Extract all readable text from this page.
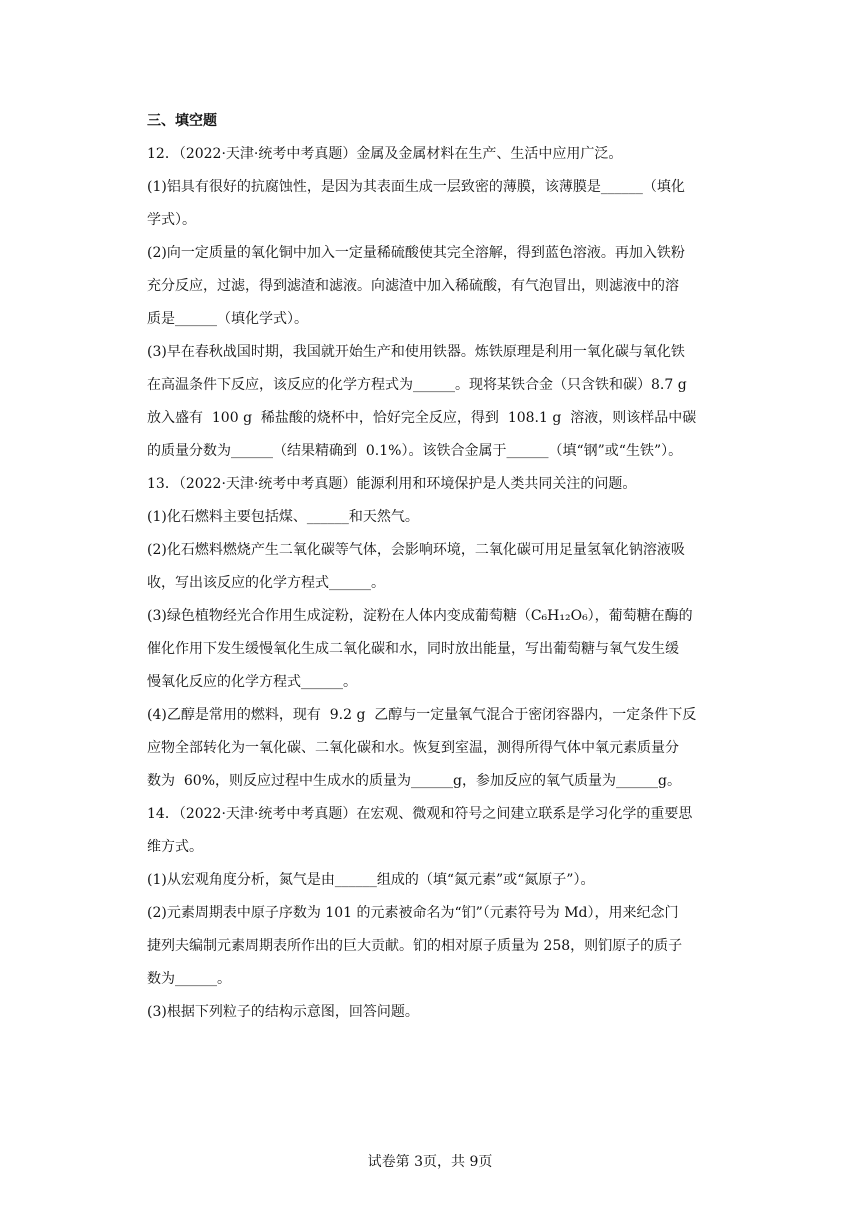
三、填空题
12．（2022·天津·统考中考真题）金属及金属材料在生产、生活中应用广泛。
(1)铝具有很好的抗腐蚀性，是因为其表面生成一层致密的薄膜，该薄膜是______（填化
学式）。
(2)向一定质量的氧化铜中加入一定量稀硫酸使其完全溶解，得到蓝色溶液。再加入铁粉
充分反应，过滤，得到滤渣和滤液。向滤渣中加入稀硫酸，有气泡冒出，则滤液中的溶
质是______（填化学式）。
(3)早在春秋战国时期，我国就开始生产和使用铁器。炼铁原理是利用一氧化碳与氧化铁
在高温条件下反应，该反应的化学方程式为______。现将某铁合金（只含铁和碳）8.7 g
放入盛有  100 g  稀盐酸的烧杯中，恰好完全反应，得到  108.1 g  溶液，则该样品中碳
的质量分数为______（结果精确到  0.1%）。该铁合金属于______（填“钢”或“生铁”）。
13．（2022·天津·统考中考真题）能源利用和环境保护是人类共同关注的问题。
(1)化石燃料主要包括煤、______和天然气。
(2)化石燃料燃烧产生二氧化碳等气体，会影响环境，二氧化碳可用足量氢氧化钠溶液吸
收，写出该反应的化学方程式______。
(3)绿色植物经光合作用生成淀粉，淀粉在人体内变成葡萄糖（C₆H₁₂O₆），葡萄糖在酶的
催化作用下发生缓慢氧化生成二氧化碳和水，同时放出能量，写出葡萄糖与氧气发生缓
慢氧化反应的化学方程式______。
(4)乙醇是常用的燃料，现有  9.2 g  乙醇与一定量氧气混合于密闭容器内，一定条件下反
应物全部转化为一氧化碳、二氧化碳和水。恢复到室温，测得所得气体中氧元素质量分
数为  60%，则反应过程中生成水的质量为______g，参加反应的氧气质量为______g。
14．（2022·天津·统考中考真题）在宏观、微观和符号之间建立联系是学习化学的重要思
维方式。
(1)从宏观角度分析，氮气是由______组成的（填“氮元素”或“氮原子”）。
(2)元素周期表中原子序数为 101 的元素被命名为“钔”（元素符号为 Md），用来纪念门
捷列夫编制元素周期表所作出的巨大贡献。钔的相对原子质量为 258，则钔原子的质子
数为______。
(3)根据下列粒子的结构示意图，回答问题。
试卷第 3页，共 9页
